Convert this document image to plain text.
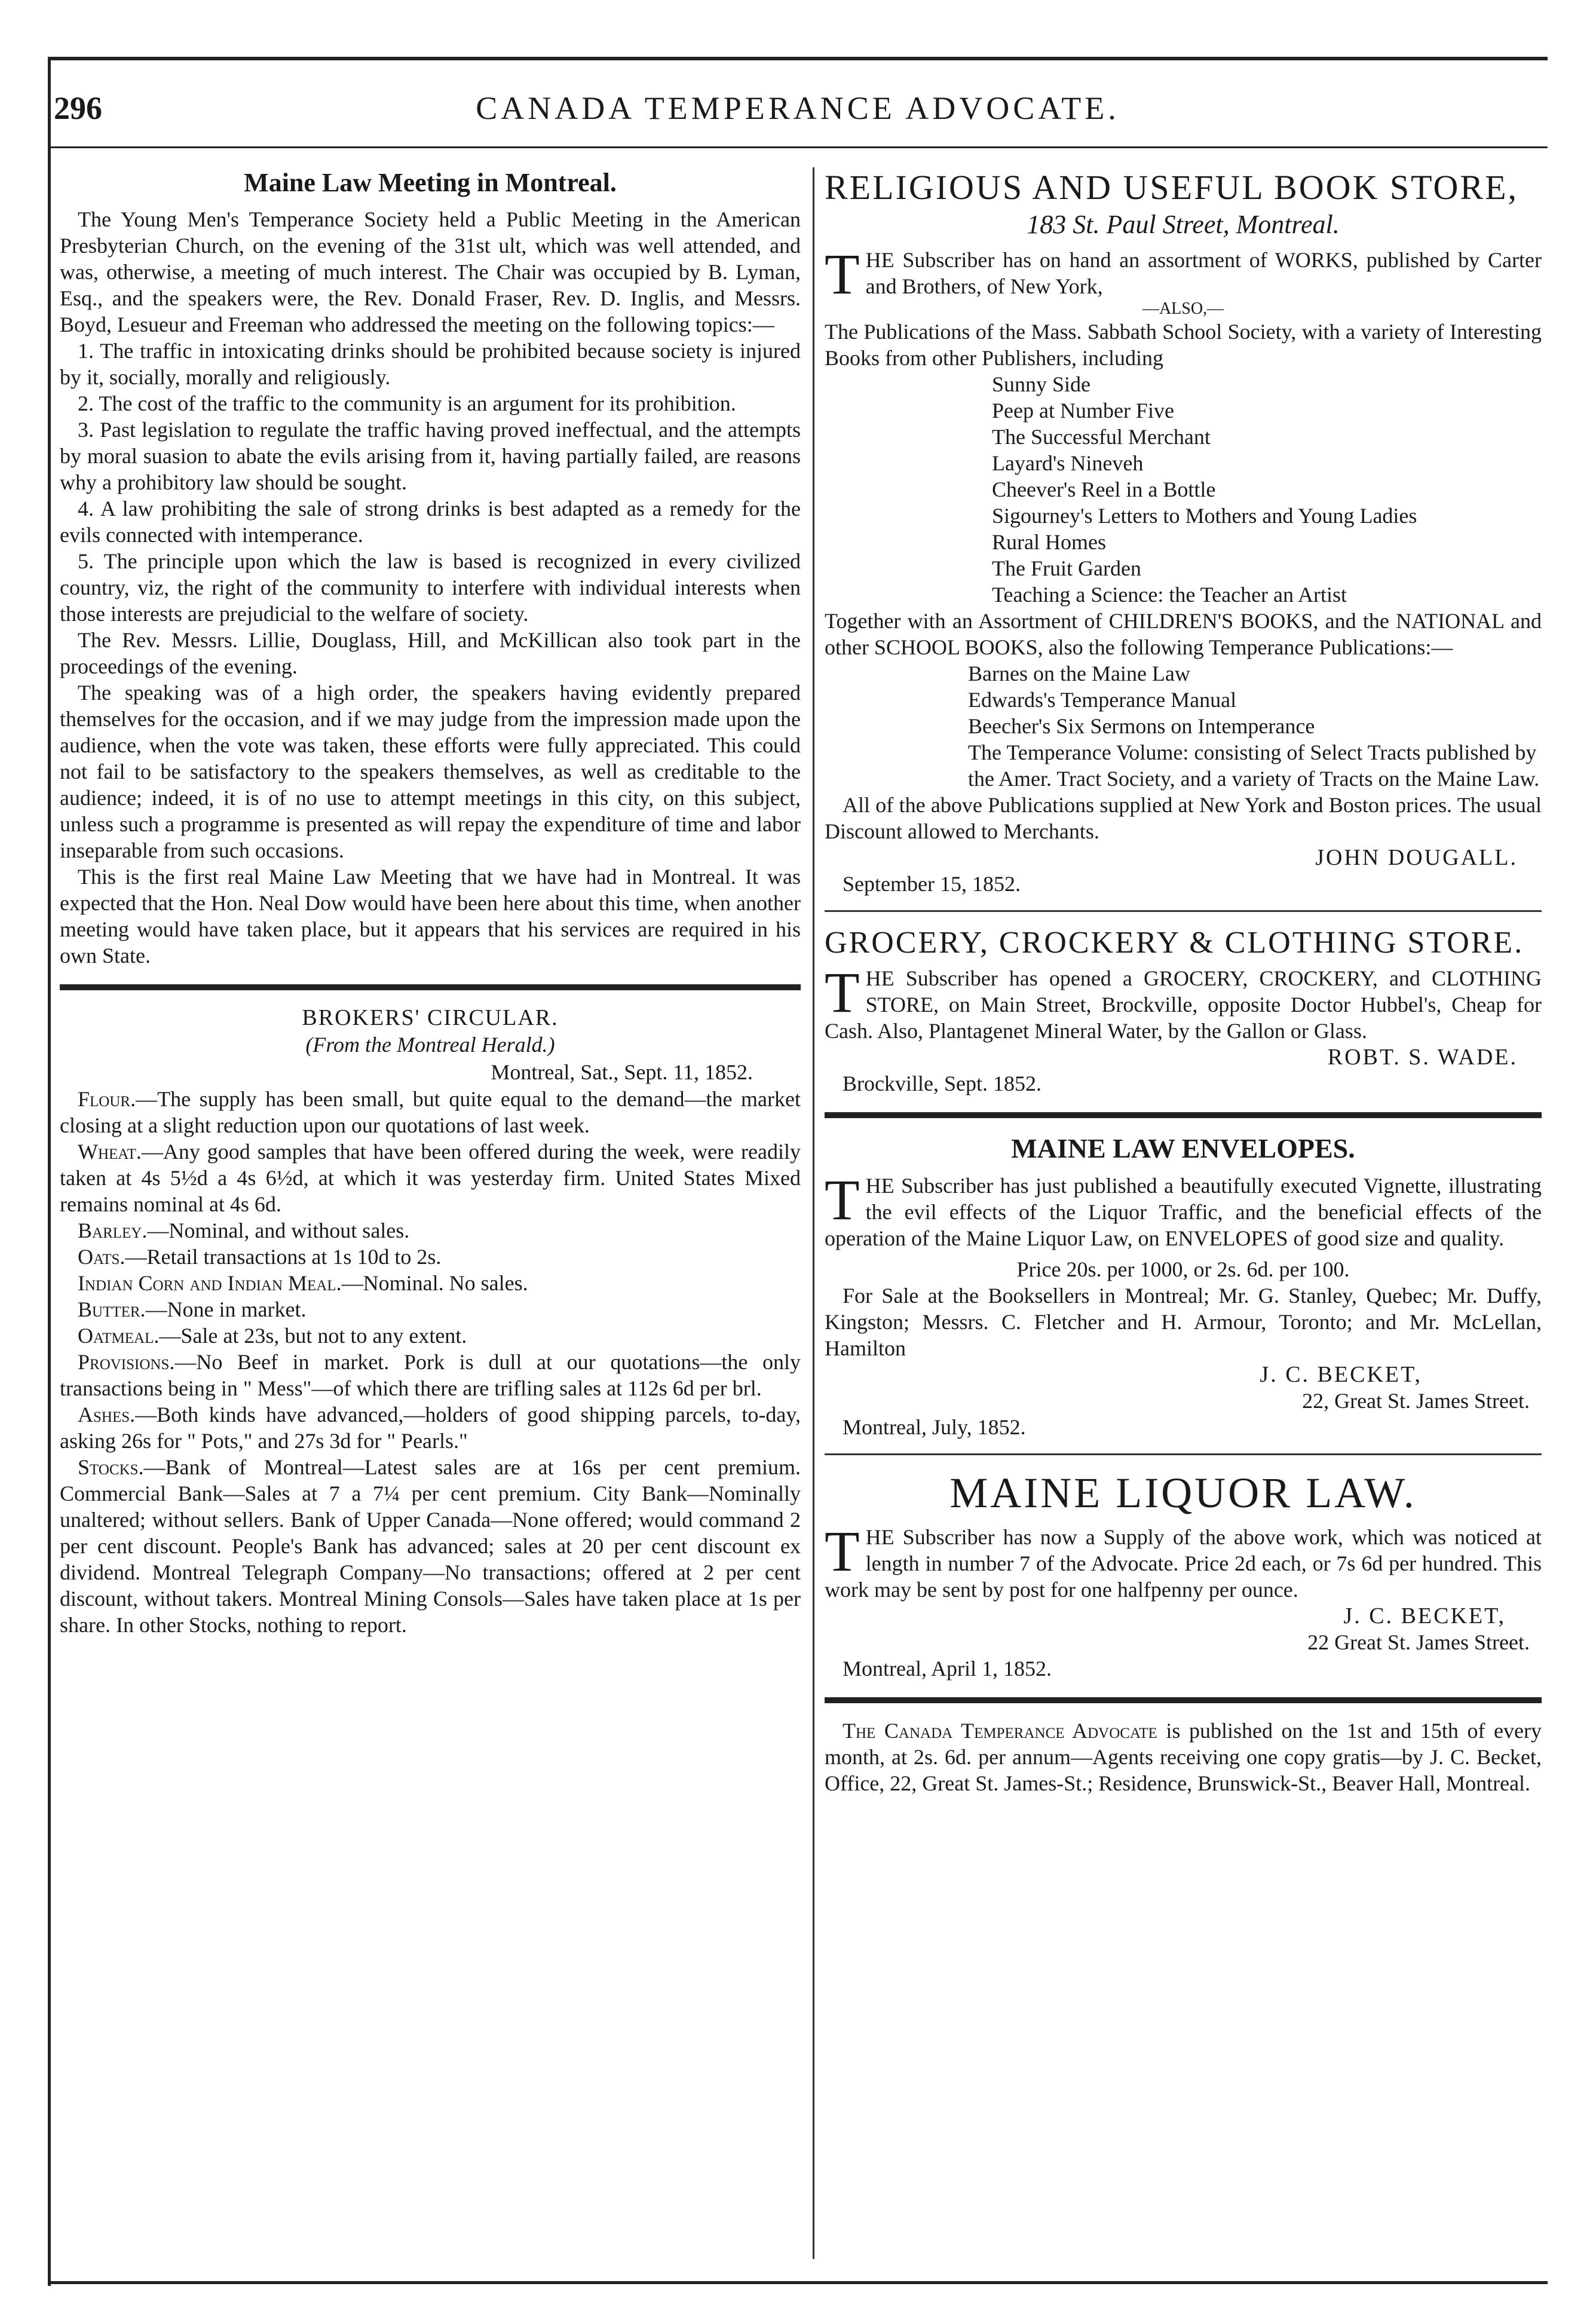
296	CANADA TEMPERANCE ADVOCATE.
Maine Law Meeting in Montreal.

The Young Men's Temperance Society held a Public Meeting in the American Presbyterian Church, on the evening of the 31st ult, which was well attended, and was, otherwise, a meeting of much interest. The Chair was occupied by B. Lyman, Esq., and the speakers were, the Rev. Donald Fraser, Rev. D. Inglis, and Messrs. Boyd, Lesueur and Freeman who addressed the meeting on the following topics:—

1. The traffic in intoxicating drinks should be prohibited because society is injured by it, socially, morally and religiously.

2. The cost of the traffic to the community is an argument for its prohibition.

3. Past legislation to regulate the traffic having proved ineffectual, and the attempts by moral suasion to abate the evils arising from it, having partially failed, are reasons why a prohibitory law should be sought.

4. A law prohibiting the sale of strong drinks is best adapted as a remedy for the evils connected with intemperance.

5. The principle upon which the law is based is recognized in every civilized country, viz, the right of the community to interfere with individual interests when those interests are prejudicial to the welfare of society.

The Rev. Messrs. Lillie, Douglass, Hill, and McKillican also took part in the proceedings of the evening.

The speaking was of a high order, the speakers having evidently prepared themselves for the occasion, and if we may judge from the impression made upon the audience, when the vote was taken, these efforts were fully appreciated. This could not fail to be satisfactory to the speakers themselves, as well as creditable to the audience; indeed, it is of no use to attempt meetings in this city, on this subject, unless such a programme is presented as will repay the expenditure of time and labor inseparable from such occasions.

This is the first real Maine Law Meeting that we have had in Montreal. It was expected that the Hon. Neal Dow would have been here about this time, when another meeting would have taken place, but it appears that his services are required in his own State.

BROKERS' CIRCULAR.

(From the Montreal Herald.)

Montreal, Sat., Sept. 11, 1852.

Flour.—The supply has been small, but quite equal to the demand—the market closing at a slight reduction upon our quotations of last week.

Wheat.—Any good samples that have been offered during the week, were readily taken at 4s 5½d a 4s 6½d, at which it was yesterday firm. United States Mixed remains nominal at 4s 6d.

Barley.—Nominal, and without sales.

Oats.—Retail transactions at 1s 10d to 2s.

Indian Corn and Indian Meal.—Nominal. No sales.

Butter.—None in market.

Oatmeal.—Sale at 23s, but not to any extent.

Provisions.—No Beef in market. Pork is dull at our quotations—the only transactions being in " Mess"—of which there are trifling sales at 112s 6d per brl.

Ashes.—Both kinds have advanced,—holders of good shipping parcels, to-day, asking 26s for " Pots," and 27s 3d for " Pearls."

Stocks.—Bank of Montreal—Latest sales are at 16s per cent premium. Commercial Bank—Sales at 7 a 7¼ per cent premium. City Bank—Nominally unaltered; without sellers. Bank of Upper Canada—None offered; would command 2 per cent discount. People's Bank has advanced; sales at 20 per cent discount ex dividend. Montreal Telegraph Company—No transactions; offered at 2 per cent discount, without takers. Montreal Mining Consols—Sales have taken place at 1s per share. In other Stocks, nothing to report.

RELIGIOUS AND USEFUL BOOK STORE,

183 St. Paul Street, Montreal.

THE Subscriber has on hand an assortment of WORKS, published by Carter and Brothers, of New York,

—ALSO,—

The Publications of the Mass. Sabbath School Society, with a variety of Interesting Books from other Publishers, including

Sunny Side
Peep at Number Five
The Successful Merchant
Layard's Nineveh
Cheever's Reel in a Bottle
Sigourney's Letters to Mothers and Young Ladies
Rural Homes
The Fruit Garden
Teaching a Science: the Teacher an Artist

Together with an Assortment of CHILDREN'S BOOKS, and the NATIONAL and other SCHOOL BOOKS, also the following Temperance Publications:—

Barnes on the Maine Law
Edwards's Temperance Manual
Beecher's Six Sermons on Intemperance
The Temperance Volume: consisting of Select Tracts published by the Amer. Tract Society, and a variety of Tracts on the Maine Law.

All of the above Publications supplied at New York and Boston prices. The usual Discount allowed to Merchants.

JOHN DOUGALL.

September 15, 1852.

GROCERY, CROCKERY & CLOTHING STORE.

THE Subscriber has opened a GROCERY, CROCKERY, and CLOTHING STORE, on Main Street, Brockville, opposite Doctor Hubbel's, Cheap for Cash. Also, Plantagenet Mineral Water, by the Gallon or Glass.

ROBT. S. WADE.

Brockville, Sept. 1852.

MAINE LAW ENVELOPES.

THE Subscriber has just published a beautifully executed Vignette, illustrating the evil effects of the Liquor Traffic, and the beneficial effects of the operation of the Maine Liquor Law, on ENVELOPES of good size and quality.

Price 20s. per 1000, or 2s. 6d. per 100.

For Sale at the Booksellers in Montreal; Mr. G. Stanley, Quebec; Mr. Duffy, Kingston; Messrs. C. Fletcher and H. Armour, Toronto; and Mr. McLellan, Hamilton

J. C. BECKET,

22, Great St. James Street.

Montreal, July, 1852.

MAINE LIQUOR LAW.

THE Subscriber has now a Supply of the above work, which was noticed at length in number 7 of the Advocate. Price 2d each, or 7s 6d per hundred. This work may be sent by post for one halfpenny per ounce.

J. C. BECKET,

22 Great St. James Street.

Montreal, April 1, 1852.

The Canada Temperance Advocate is published on the 1st and 15th of every month, at 2s. 6d. per annum—Agents receiving one copy gratis—by J. C. Becket, Office, 22, Great St. James-St.; Residence, Brunswick-St., Beaver Hall, Montreal.
